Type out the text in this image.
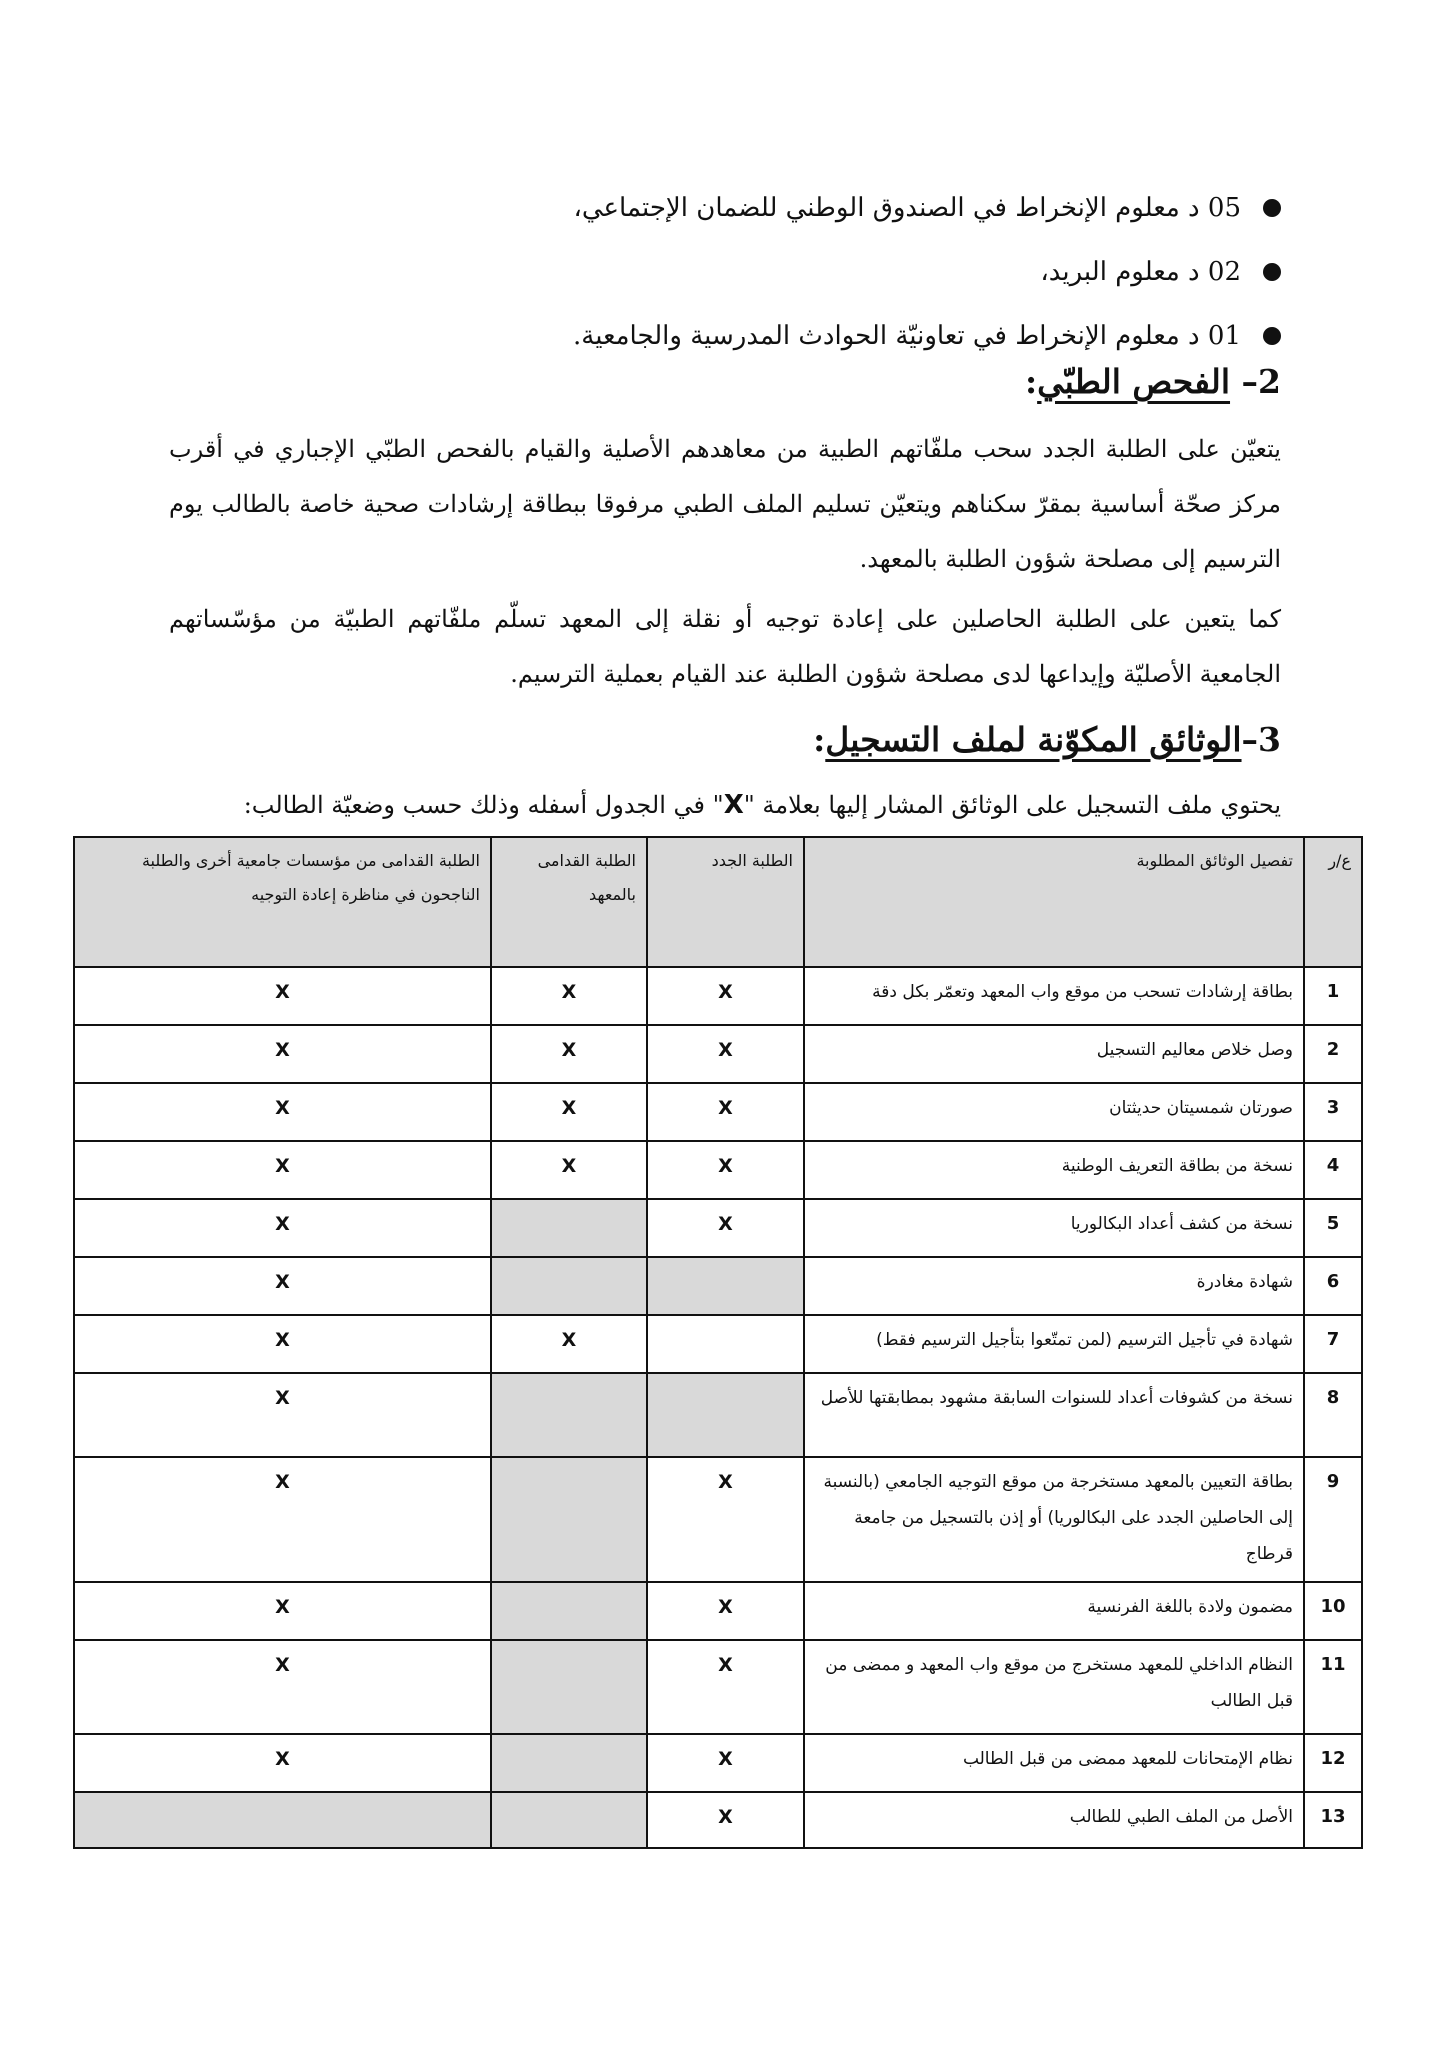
05 د معلوم الإنخراط في الصندوق الوطني للضمان الإجتماعي،
02 د معلوم البريد،
01 د معلوم الإنخراط في تعاونيّة الحوادث المدرسية والجامعية.
2– الفحص الطبّي:
يتعيّن على الطلبة الجدد سحب ملفّاتهم الطبية من معاهدهم الأصلية والقيام بالفحص الطبّي الإجباري في أقرب مركز صحّة أساسية بمقرّ سكناهم ويتعيّن تسليم الملف الطبي مرفوقا ببطاقة إرشادات صحية خاصة بالطالب يوم الترسيم إلى مصلحة شؤون الطلبة بالمعهد.
كما يتعين على الطلبة الحاصلين على إعادة توجيه أو نقلة إلى المعهد تسلّم ملفّاتهم الطبيّة من مؤسّساتهم الجامعية الأصليّة وإيداعها لدى مصلحة شؤون الطلبة عند القيام بعملية الترسيم.
3–الوثائق المكوّنة لملف التسجيل:
يحتوي ملف التسجيل على الوثائق المشار إليها بعلامة "X" في الجدول أسفله وذلك حسب وضعيّة الطالب:
ع/ر	تفصيل الوثائق المطلوبة	الطلبة الجدد	الطلبة القدامى بالمعهد	الطلبة القدامى من مؤسسات جامعية أخرى والطلبة الناجحون في مناظرة إعادة التوجيه
1	بطاقة إرشادات تسحب من موقع واب المعهد وتعمّر بكل دقة	X	X	X
2	وصل خلاص معاليم التسجيل	X	X	X
3	صورتان شمسيتان حديثتان	X	X	X
4	نسخة من بطاقة التعريف الوطنية	X	X	X
5	نسخة من كشف أعداد البكالوريا	X		X
6	شهادة مغادرة			X
7	شهادة في تأجيل الترسيم (لمن تمتّعوا بتأجيل الترسيم فقط)		X	X
8	نسخة من كشوفات أعداد للسنوات السابقة مشهود بمطابقتها للأصل			X
9	بطاقة التعيين بالمعهد مستخرجة من موقع التوجيه الجامعي (بالنسبة إلى الحاصلين الجدد على البكالوريا) أو إذن بالتسجيل من جامعة قرطاج	X		X
10	مضمون ولادة باللغة الفرنسية	X		X
11	النظام الداخلي للمعهد مستخرج من موقع واب المعهد و ممضى من قبل الطالب	X		X
12	نظام الإمتحانات للمعهد ممضى من قبل الطالب	X		X
13	الأصل من الملف الطبي للطالب	X		
